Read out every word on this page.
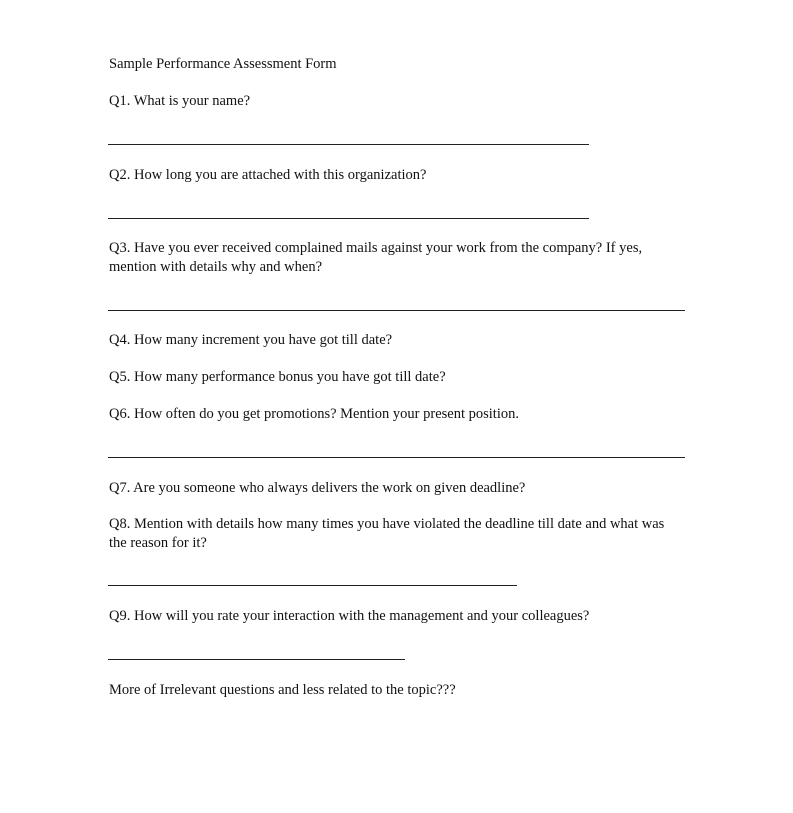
Sample Performance Assessment Form

Q1. What is your name?

Q2. How long you are attached with this organization?

Q3. Have you ever received complained mails against your work from the company? If yes, mention with details why and when?

Q4. How many increment you have got till date?

Q5. How many performance bonus you have got till date?

Q6. How often do you get promotions? Mention your present position.

Q7. Are you someone who always delivers the work on given deadline?

Q8. Mention with details how many times you have violated the deadline till date and what was the reason for it?

Q9. How will you rate your interaction with the management and your colleagues?

More of Irrelevant questions and less related to the topic???
